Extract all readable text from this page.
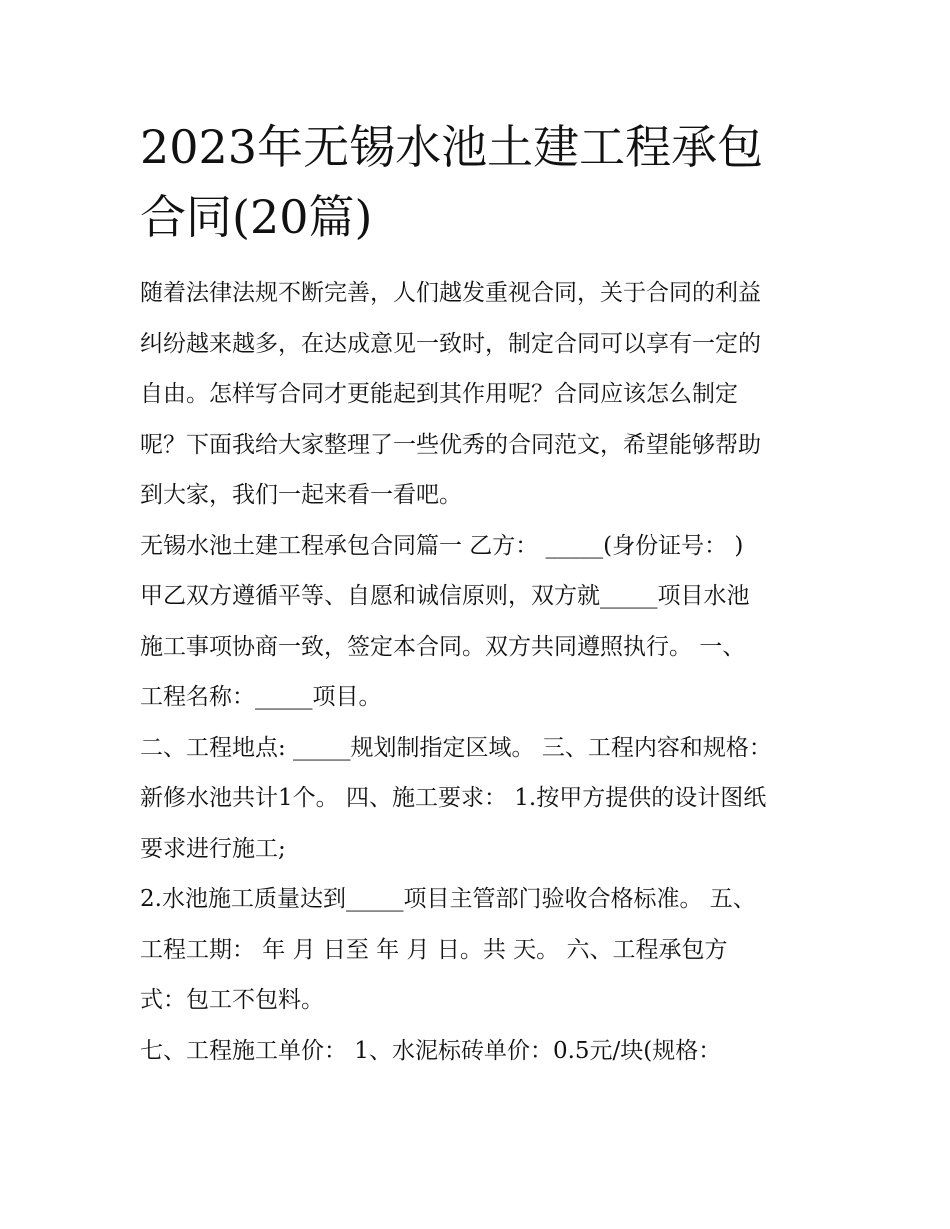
2023年无锡水池土建工程承包
合同(20篇)
随着法律法规不断完善，人们越发重视合同，关于合同的利益
纠纷越来越多，在达成意见一致时，制定合同可以享有一定的
自由。怎样写合同才更能起到其作用呢？合同应该怎么制定
呢？下面我给大家整理了一些优秀的合同范文，希望能够帮助
到大家，我们一起来看一看吧。
无锡水池土建工程承包合同篇一 乙方： _____(身份证号： )
甲乙双方遵循平等、自愿和诚信原则，双方就_____项目水池
施工事项协商一致，签定本合同。双方共同遵照执行。 一、
工程名称：_____项目。
二、工程地点: _____规划制指定区域。 三、工程内容和规格：
新修水池共计1个。 四、施工要求： 1.按甲方提供的设计图纸
要求进行施工;
2.水池施工质量达到_____项目主管部门验收合格标准。 五、
工程工期： 年 月 日至 年 月 日。共 天。 六、工程承包方
式：包工不包料。
七、工程施工单价： 1、水泥标砖单价：0.5元/块(规格：
